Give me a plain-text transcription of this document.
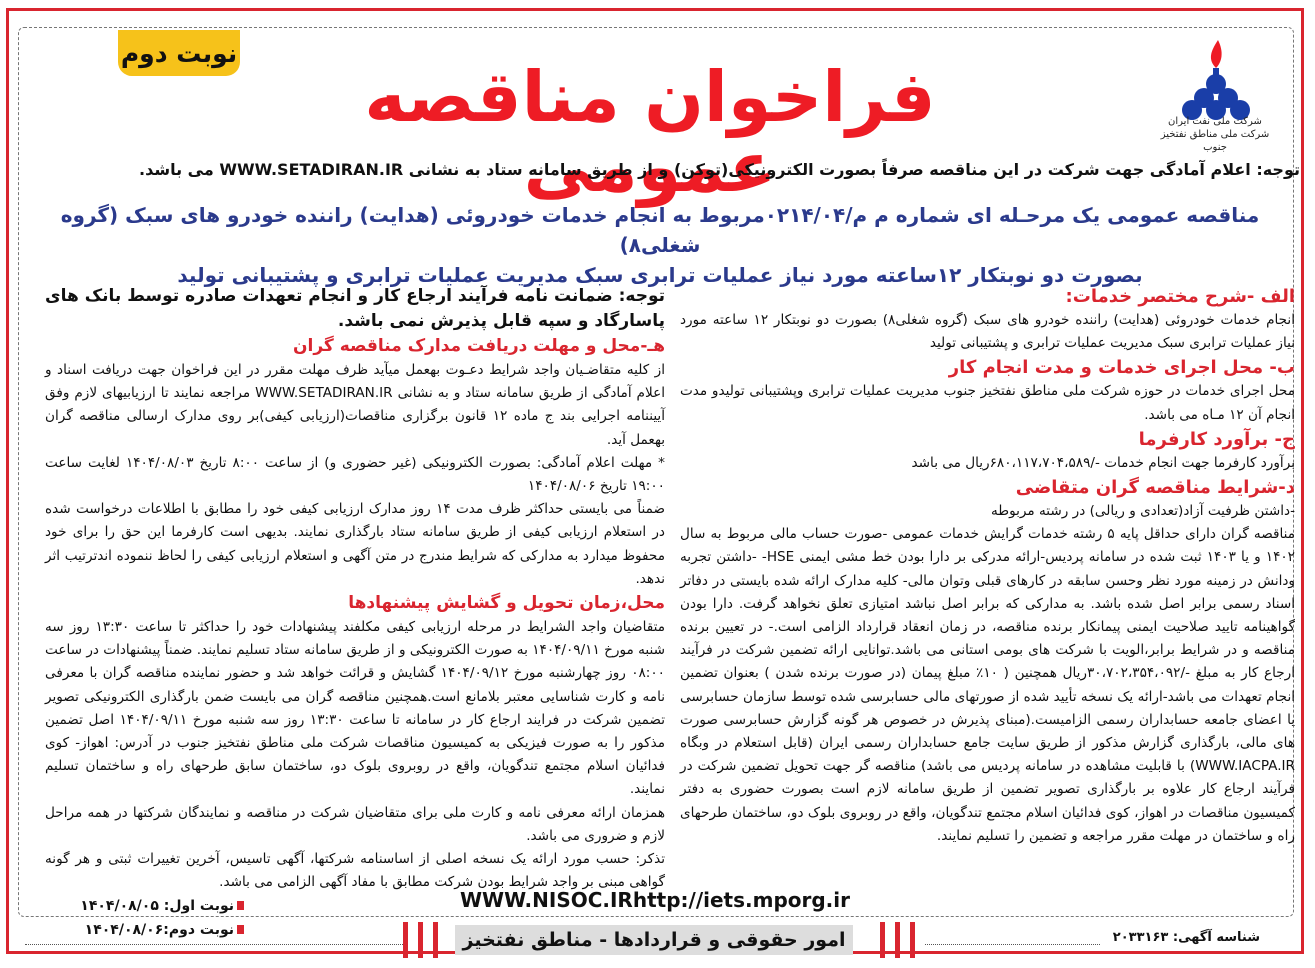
نوبت دوم
فراخوان مناقصه عمومی
شرکت ملی نفت ایران
شرکت ملی مناطق نفتخیز جنوب
توجه: اعلام آمادگی جهت شرکت در این مناقصه صرفاً بصورت الکترونیکی(توکن) و از طریق سامانه ستاد به نشانی WWW.SETADIRAN.IR می باشد.
مناقصه عمومی یک مرحـله ای شماره م م/۰۲۱۴/۰۴مربوط به انجام خدمات خودروئی (هدایت) راننده خودرو های سبک (گروه شغلی۸)
بصورت دو نوبتکار ۱۲ساعته مورد نیاز عملیات ترابری سبک مدیریت عملیات ترابری و پشتیبانی تولید

الف -شرح مختصر خدمات:

انجام خدمات خودروئی (هدایت) راننده خودرو های سبک (گروه شغلی۸) بصورت دو نوبتکار ۱۲ ساعته مورد نیاز عملیات ترابری سبک مدیریت عملیات ترابری و پشتیبانی تولید

ب- محل اجرای خدمات و مدت انجام کار

محل اجرای خدمات در حوزه شرکت ملی مناطق نفتخیز جنوب مدیریت عملیات ترابری وپشتیبانی تولیدو مدت انجام آن ۱۲ مـاه می باشد.

ج- برآورد کارفرما

برآورد کارفرما جهت انجام خدمات -/۶۸۰،۱۱۷،۷۰۴،۵۸۹ریال می باشد

د-شرایط مناقصه گران متقاضی

-داشتن ظرفیت آزاد(تعدادی و ریالی) در رشته مربوطه

مناقصه گران دارای حداقل پایه ۵ رشته خدمات گرایش خدمات عمومی -صورت حساب مالی مربوط به سال ۱۴۰۲ و یا ۱۴۰۳ ثبت شده در سامانه پردیس-ارائه مدرکی بر دارا بودن خط مشی ایمنی HSE- -داشتن تجربه ودانش در زمینه مورد نظر وحسن سابقه در کارهای قبلی وتوان مالی- کلیه مدارک ارائه شده بایستی در دفاتر اسناد رسمی برابر اصل شده باشد. به مدارکی که برابر اصل نباشد امتیازی تعلق نخواهد گرفت. دارا بودن گواهینامه تایید صلاحیت ایمنی پیمانکار برنده مناقصه، در زمان انعقاد قرارداد الزامی است.- در تعیین برنده مناقصه و در شرایط برابر،الویت با شرکت های بومی استانی می باشد.توانایی ارائه تضمین شرکت در فرآیند ارجاع کار به مبلغ -/۳۰،۷۰۲،۳۵۴،۰۹۲ریال همچنین ( ۱۰٪ مبلغ پیمان (در صورت برنده شدن ) بعنوان تضمین انجام تعهدات می باشد-ارائه یک نسخه تأیید شده از صورتهای مالی حسابرسی شده توسط سازمان حسابرسی یا اعضای جامعه حسابداران رسمی الزامیست.(مبنای پذیرش در خصوص هر گونه گزارش حسابرسی صورت های مالی، بارگذاری گزارش مذکور از طریق سایت جامع حسابداران رسمی ایران (قابل استعلام در وبگاه WWW.IACPA.IR) با قابلیت مشاهده در سامانه پردیس می باشد) مناقصه گر جهت تحویل تضمین شرکت در فرآیند ارجاع کار علاوه بر بارگذاری تصویر تضمین از طریق سامانه لازم است بصورت حضوری به دفتر کمیسیون مناقصات در اهواز، کوی فدائیان اسلام مجتمع تندگویان، واقع در روبروی بلوک دو، ساختمان طرحهای راه و ساختمان در مهلت مقرر مراجعه و تضمین را تسلیم نمایند.

توجه: ضمانت نامه فرآیند ارجاع کار و انجام تعهدات صادره توسط بانک های پاسارگاد و سپه قابل پذیرش نمی باشد.

هـ-محل و مهلت دریافت مدارک مناقصه گران

از کلیه متقاضـیان واجد شرایط دعـوت بهعمل میآید ظرف مهلت مقرر در این فراخوان جهت دریافت اسناد و اعلام آمادگی از طریق سامانه ستاد و به نشانی WWW.SETADIRAN.IR مراجعه نمایند تا ارزیابیهای لازم وفق آییننامه اجرایی بند ج ماده ۱۲ قانون برگزاری مناقصات(ارزیابی کیفی)بر روی مدارک ارسالی مناقصه گران بهعمل آید.

* مهلت اعلام آمادگی: بصورت الکترونیکی (غیر حضوری و) از ساعت ۸:۰۰ تاریخ ۱۴۰۴/۰۸/۰۳ لغایت ساعت ۱۹:۰۰ تاریخ ۱۴۰۴/۰۸/۰۶

ضمناً می بایستی حداکثر ظرف مدت ۱۴ روز مدارک ارزیابی کیفی خود را مطابق با اطلاعات درخواست شده در استعلام ارزیابی کیفی از طریق سامانه ستاد بارگذاری نمایند. بدیهی است کارفرما این حق را برای خود محفوظ میدارد به مدارکی که شرایط مندرج در متن آگهی و استعلام ارزیابی کیفی را لحاظ ننموده اندترتیب اثر ندهد.

محل،زمان تحویل و گشایش پیشنهادها

متقاضیان واجد الشرایط در مرحله ارزیابی کیفی مکلفند پیشنهادات خود را حداکثر تا ساعت ۱۳:۳۰ روز سه شنبه مورخ ۱۴۰۴/۰۹/۱۱ به صورت الکترونیکی و از طریق سامانه ستاد تسلیم نمایند. ضمناً پیشنهادات در ساعت ۰۸:۰۰ روز چهارشنبه مورخ ۱۴۰۴/۰۹/۱۲ گشایش و قرائت خواهد شد و حضور نماینده مناقصه گران با معرفی نامه و کارت شناسایی معتبر بلامانع است.همچنین مناقصه گران می بایست ضمن بارگذاری الکترونیکی تصویر تضمین شرکت در فرایند ارجاع کار در سامانه تا ساعت ۱۳:۳۰ روز سه شنبه مورخ ۱۴۰۴/۰۹/۱۱ اصل تضمین مذکور را به صورت فیزیکی به کمیسیون مناقصات شرکت ملی مناطق نفتخیز جنوب در آدرس: اهواز- کوی فدائیان اسلام مجتمع تندگویان، واقع در روبروی بلوک دو، ساختمان سابق طرحهای راه و ساختمان تسلیم نمایند.

همزمان ارائه معرفی نامه و کارت ملی برای متقاضیان شرکت در مناقصه و نمایندگان شرکتها در همه مراحل لازم و ضروری می باشد.

تذکر: حسب مورد ارائه یک نسخه اصلی از اساسنامه شرکتها، آگهی تاسیس، آخرین تغییرات ثبتی و هر گونه گواهی مبنی بر واجد شرایط بودن شرکت مطابق با مفاد آگهی الزامی می باشد.

WWW.NISOC.IRhttp://iets.mporg.ir
نوبت اول: ۱۴۰۴/۰۸/۰۵
نوبت دوم:۱۴۰۴/۰۸/۰۶	امور حقوقی و قراردادها - مناطق نفتخیز	شناسه آگهی: ۲۰۳۳۱۶۳
